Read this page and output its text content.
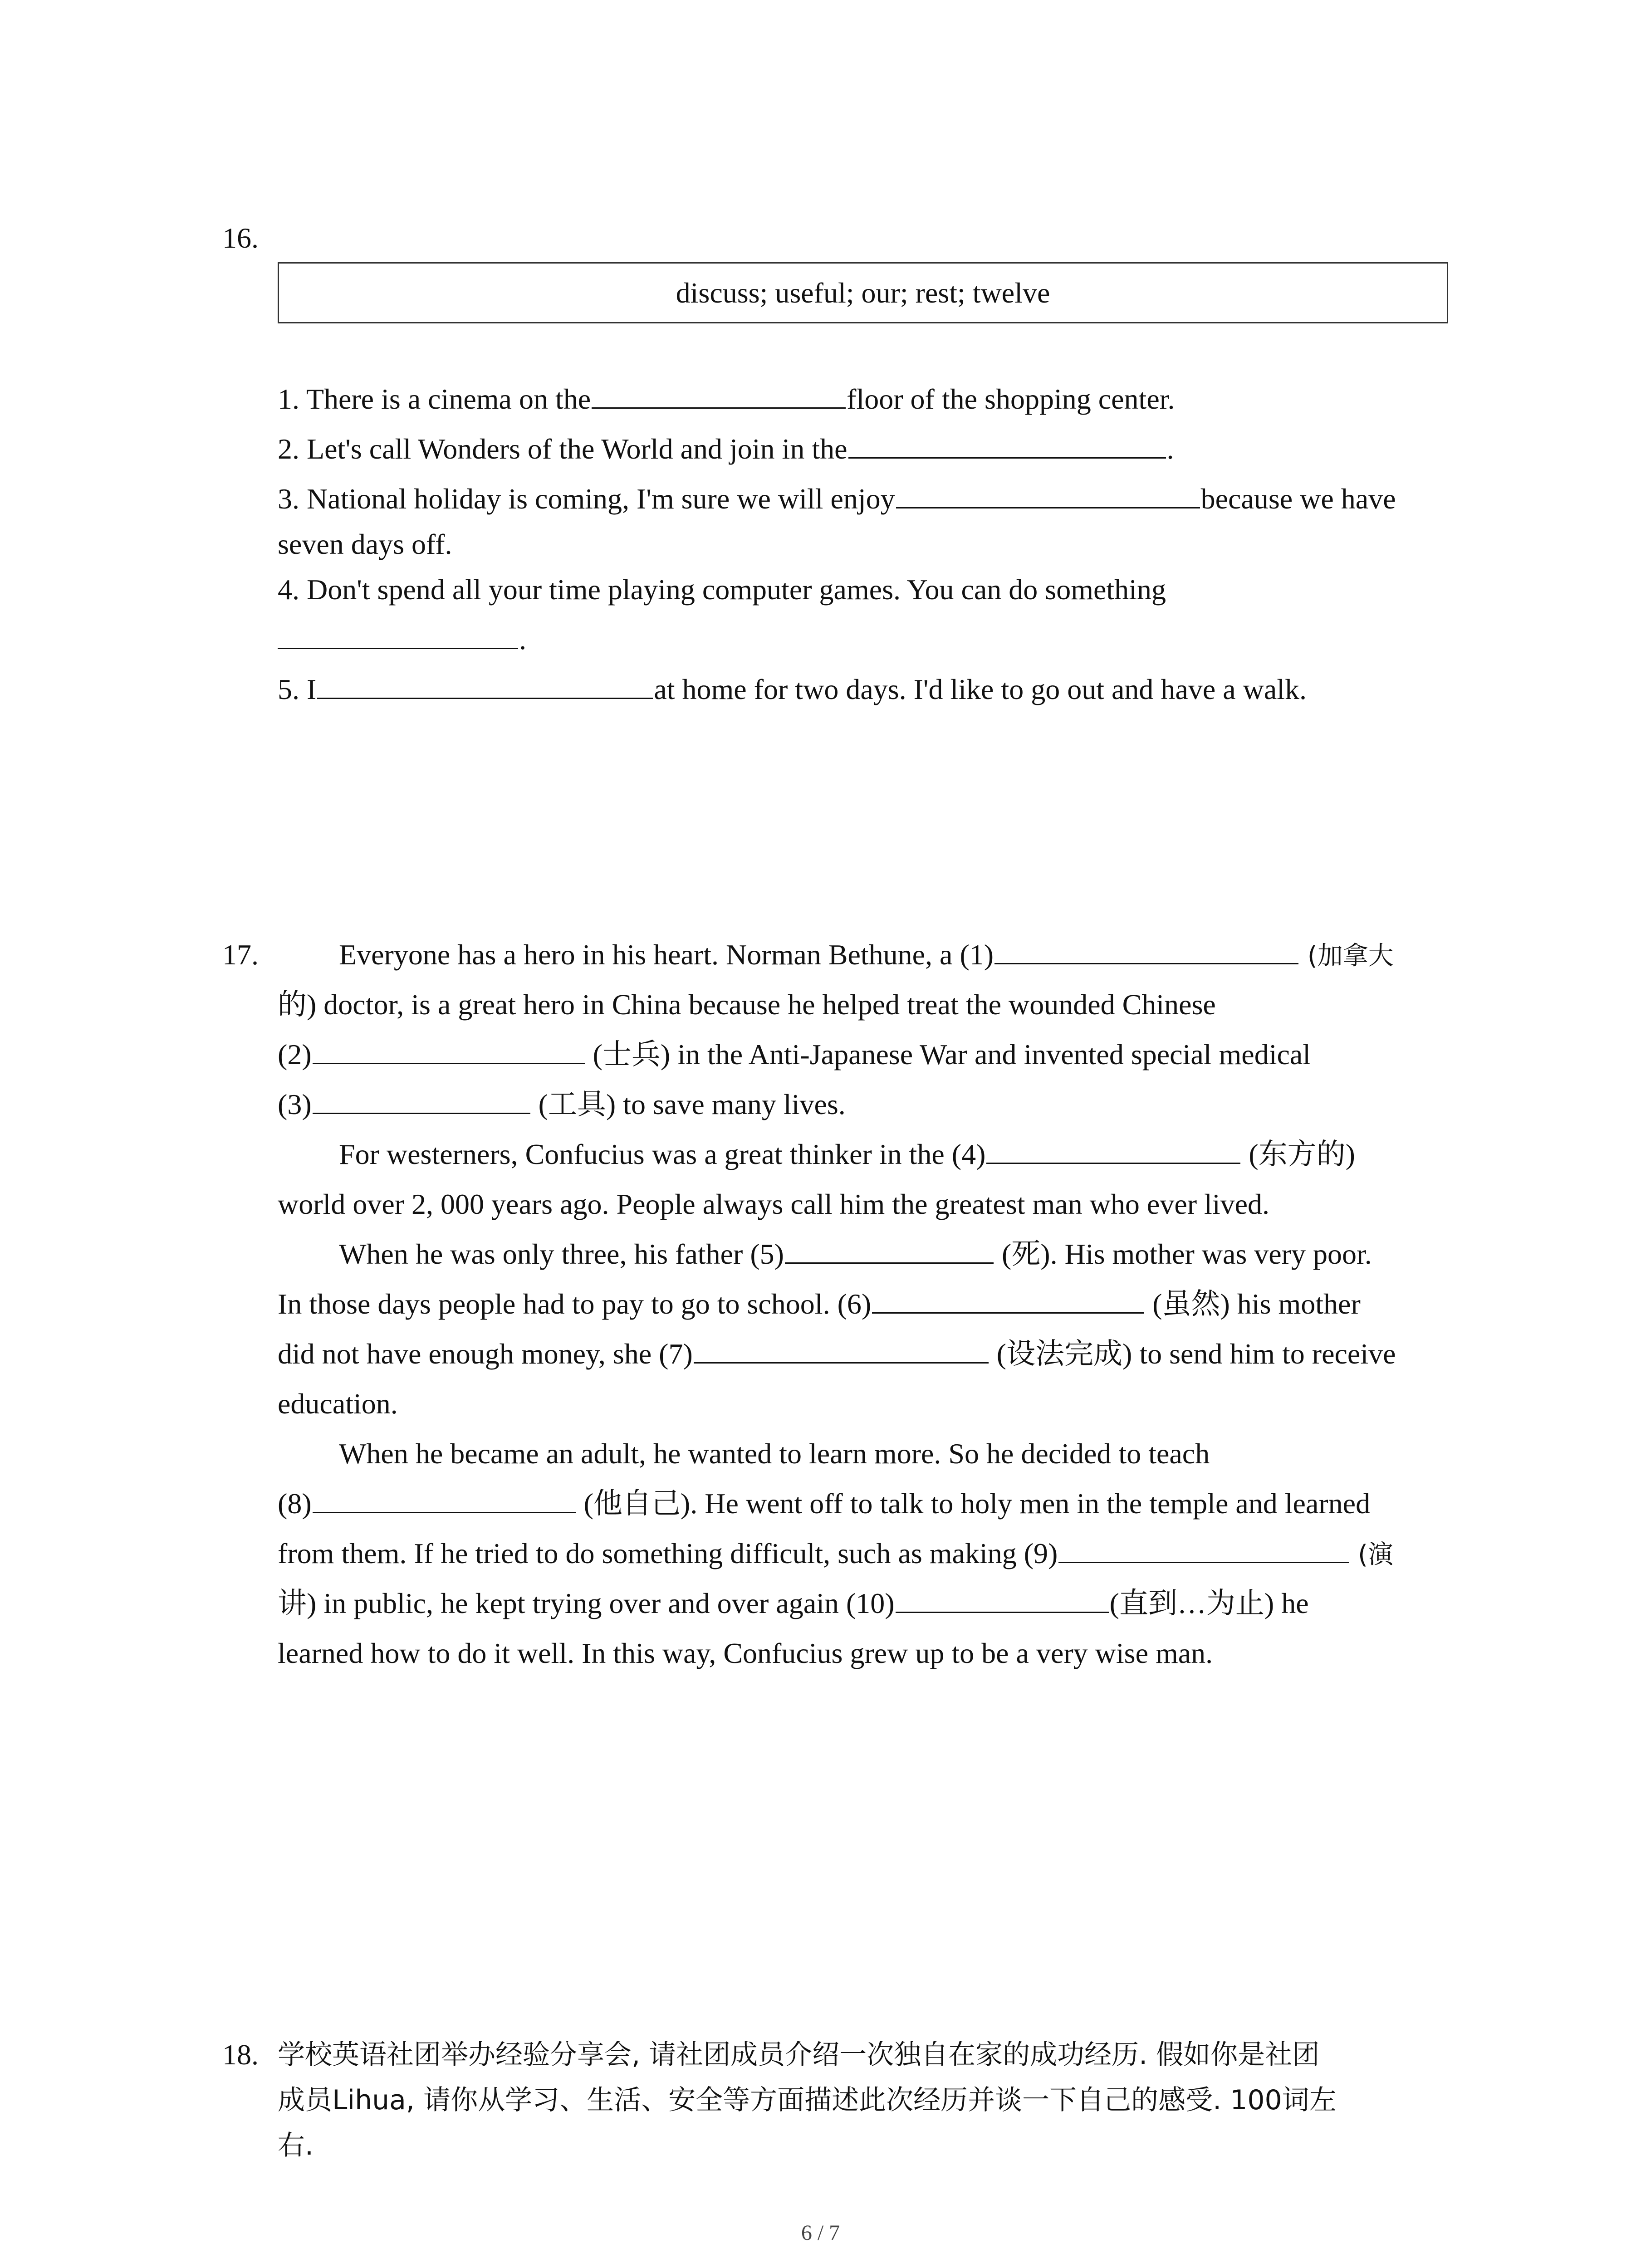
16.
discuss; useful; our; rest; twelve
1. There is a cinema on the	floor of the shopping center.
2. Let's call Wonders of the World and join in the	.
3. National holiday is coming, I'm sure we will enjoy	because we have
seven days off.
4. Don't spend all your time playing computer games. You can do something
.
5. I	at home for two days. I'd like to go out and have a walk.
17.	Everyone has a hero in his heart. Norman Bethune, a (1)	(加拿大
的) doctor, is a great hero in China because he helped treat the wounded Chinese
(2)	(士兵) in the Anti-Japanese War and invented special medical
(3)	(工具) to save many lives.
For westerners, Confucius was a great thinker in the (4)	(东方的)
world over 2, 000 years ago. People always call him the greatest man who ever lived.
When he was only three, his father (5)	(死). His mother was very poor.
In those days people had to pay to go to school. (6)	(虽然) his mother
did not have enough money, she (7)	(设法完成) to send him to receive
education.
When he became an adult, he wanted to learn more. So he decided to teach
(8)	(他自己). He went off to talk to holy men in the temple and learned
from them. If he tried to do something difficult, such as making (9)	(演
讲) in public, he kept trying over and over again (10)	(直到…为止) he
learned how to do it well. In this way, Confucius grew up to be a very wise man.
18. 学校英语社团举办经验分享会, 请社团成员介绍一次独自在家的成功经历. 假如你是社团
成员Lihua, 请你从学习、生活、安全等方面描述此次经历并谈一下自己的感受. 100词左
右.
6 / 7
